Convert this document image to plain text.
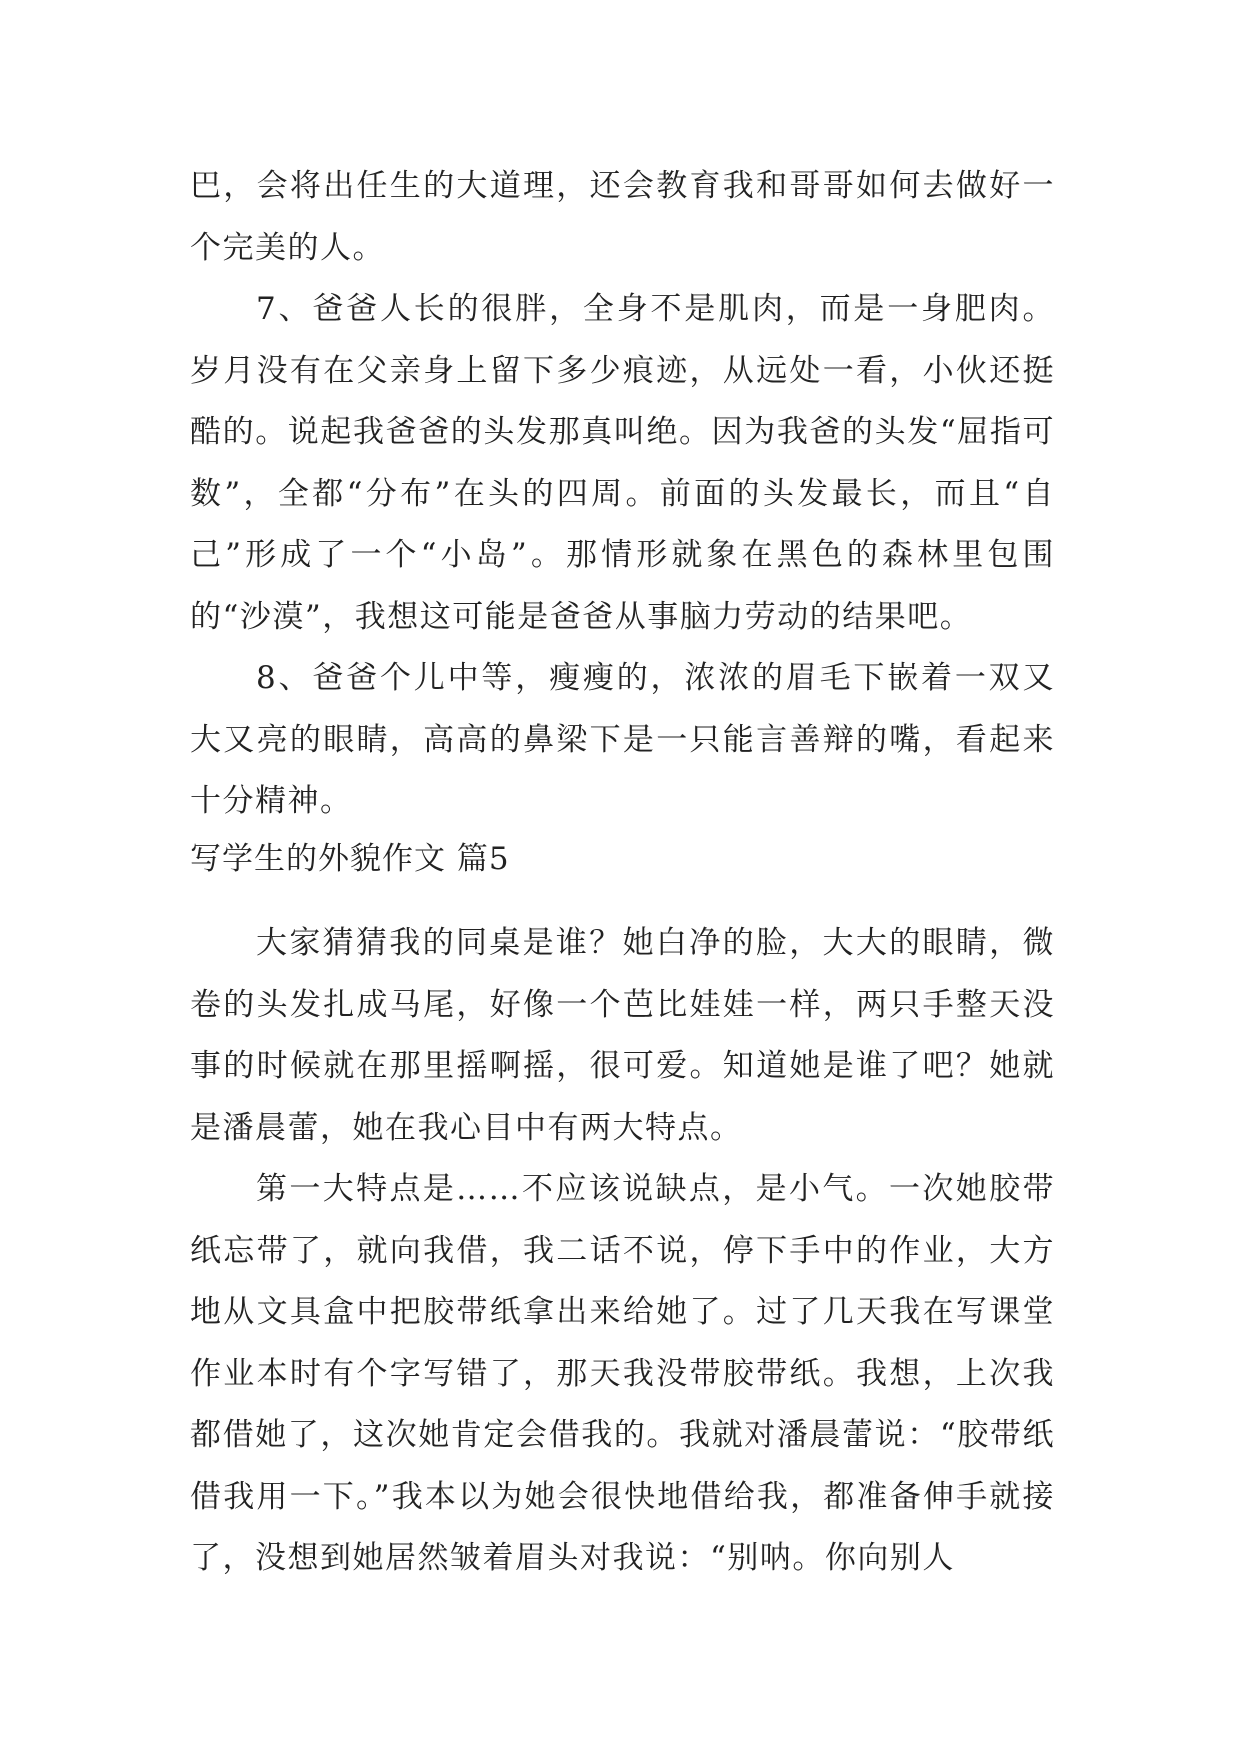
巴，会将出任生的大道理，还会教育我和哥哥如何去做好一个完美的人。

7、爸爸人长的很胖，全身不是肌肉，而是一身肥肉。岁月没有在父亲身上留下多少痕迹，从远处一看，小伙还挺酷的。说起我爸爸的头发那真叫绝。因为我爸的头发“屈指可数”，全都“分布”在头的四周。前面的头发最长，而且“自己”形成了一个“小岛”。那情形就象在黑色的森林里包围的“沙漠”，我想这可能是爸爸从事脑力劳动的结果吧。

8、爸爸个儿中等，瘦瘦的，浓浓的眉毛下嵌着一双又大又亮的眼睛，高高的鼻梁下是一只能言善辩的嘴，看起来十分精神。

写学生的外貌作文 篇5

大家猜猜我的同桌是谁？她白净的脸，大大的眼睛，微卷的头发扎成马尾，好像一个芭比娃娃一样，两只手整天没事的时候就在那里摇啊摇，很可爱。知道她是谁了吧？她就是潘晨蕾，她在我心目中有两大特点。

第一大特点是……不应该说缺点，是小气。一次她胶带纸忘带了，就向我借，我二话不说，停下手中的作业，大方地从文具盒中把胶带纸拿出来给她了。过了几天我在写课堂作业本时有个字写错了，那天我没带胶带纸。我想，上次我都借她了，这次她肯定会借我的。我就对潘晨蕾说：“胶带纸借我用一下。”我本以为她会很快地借给我，都准备伸手就接了，没想到她居然皱着眉头对我说：“别呐。你向别人
